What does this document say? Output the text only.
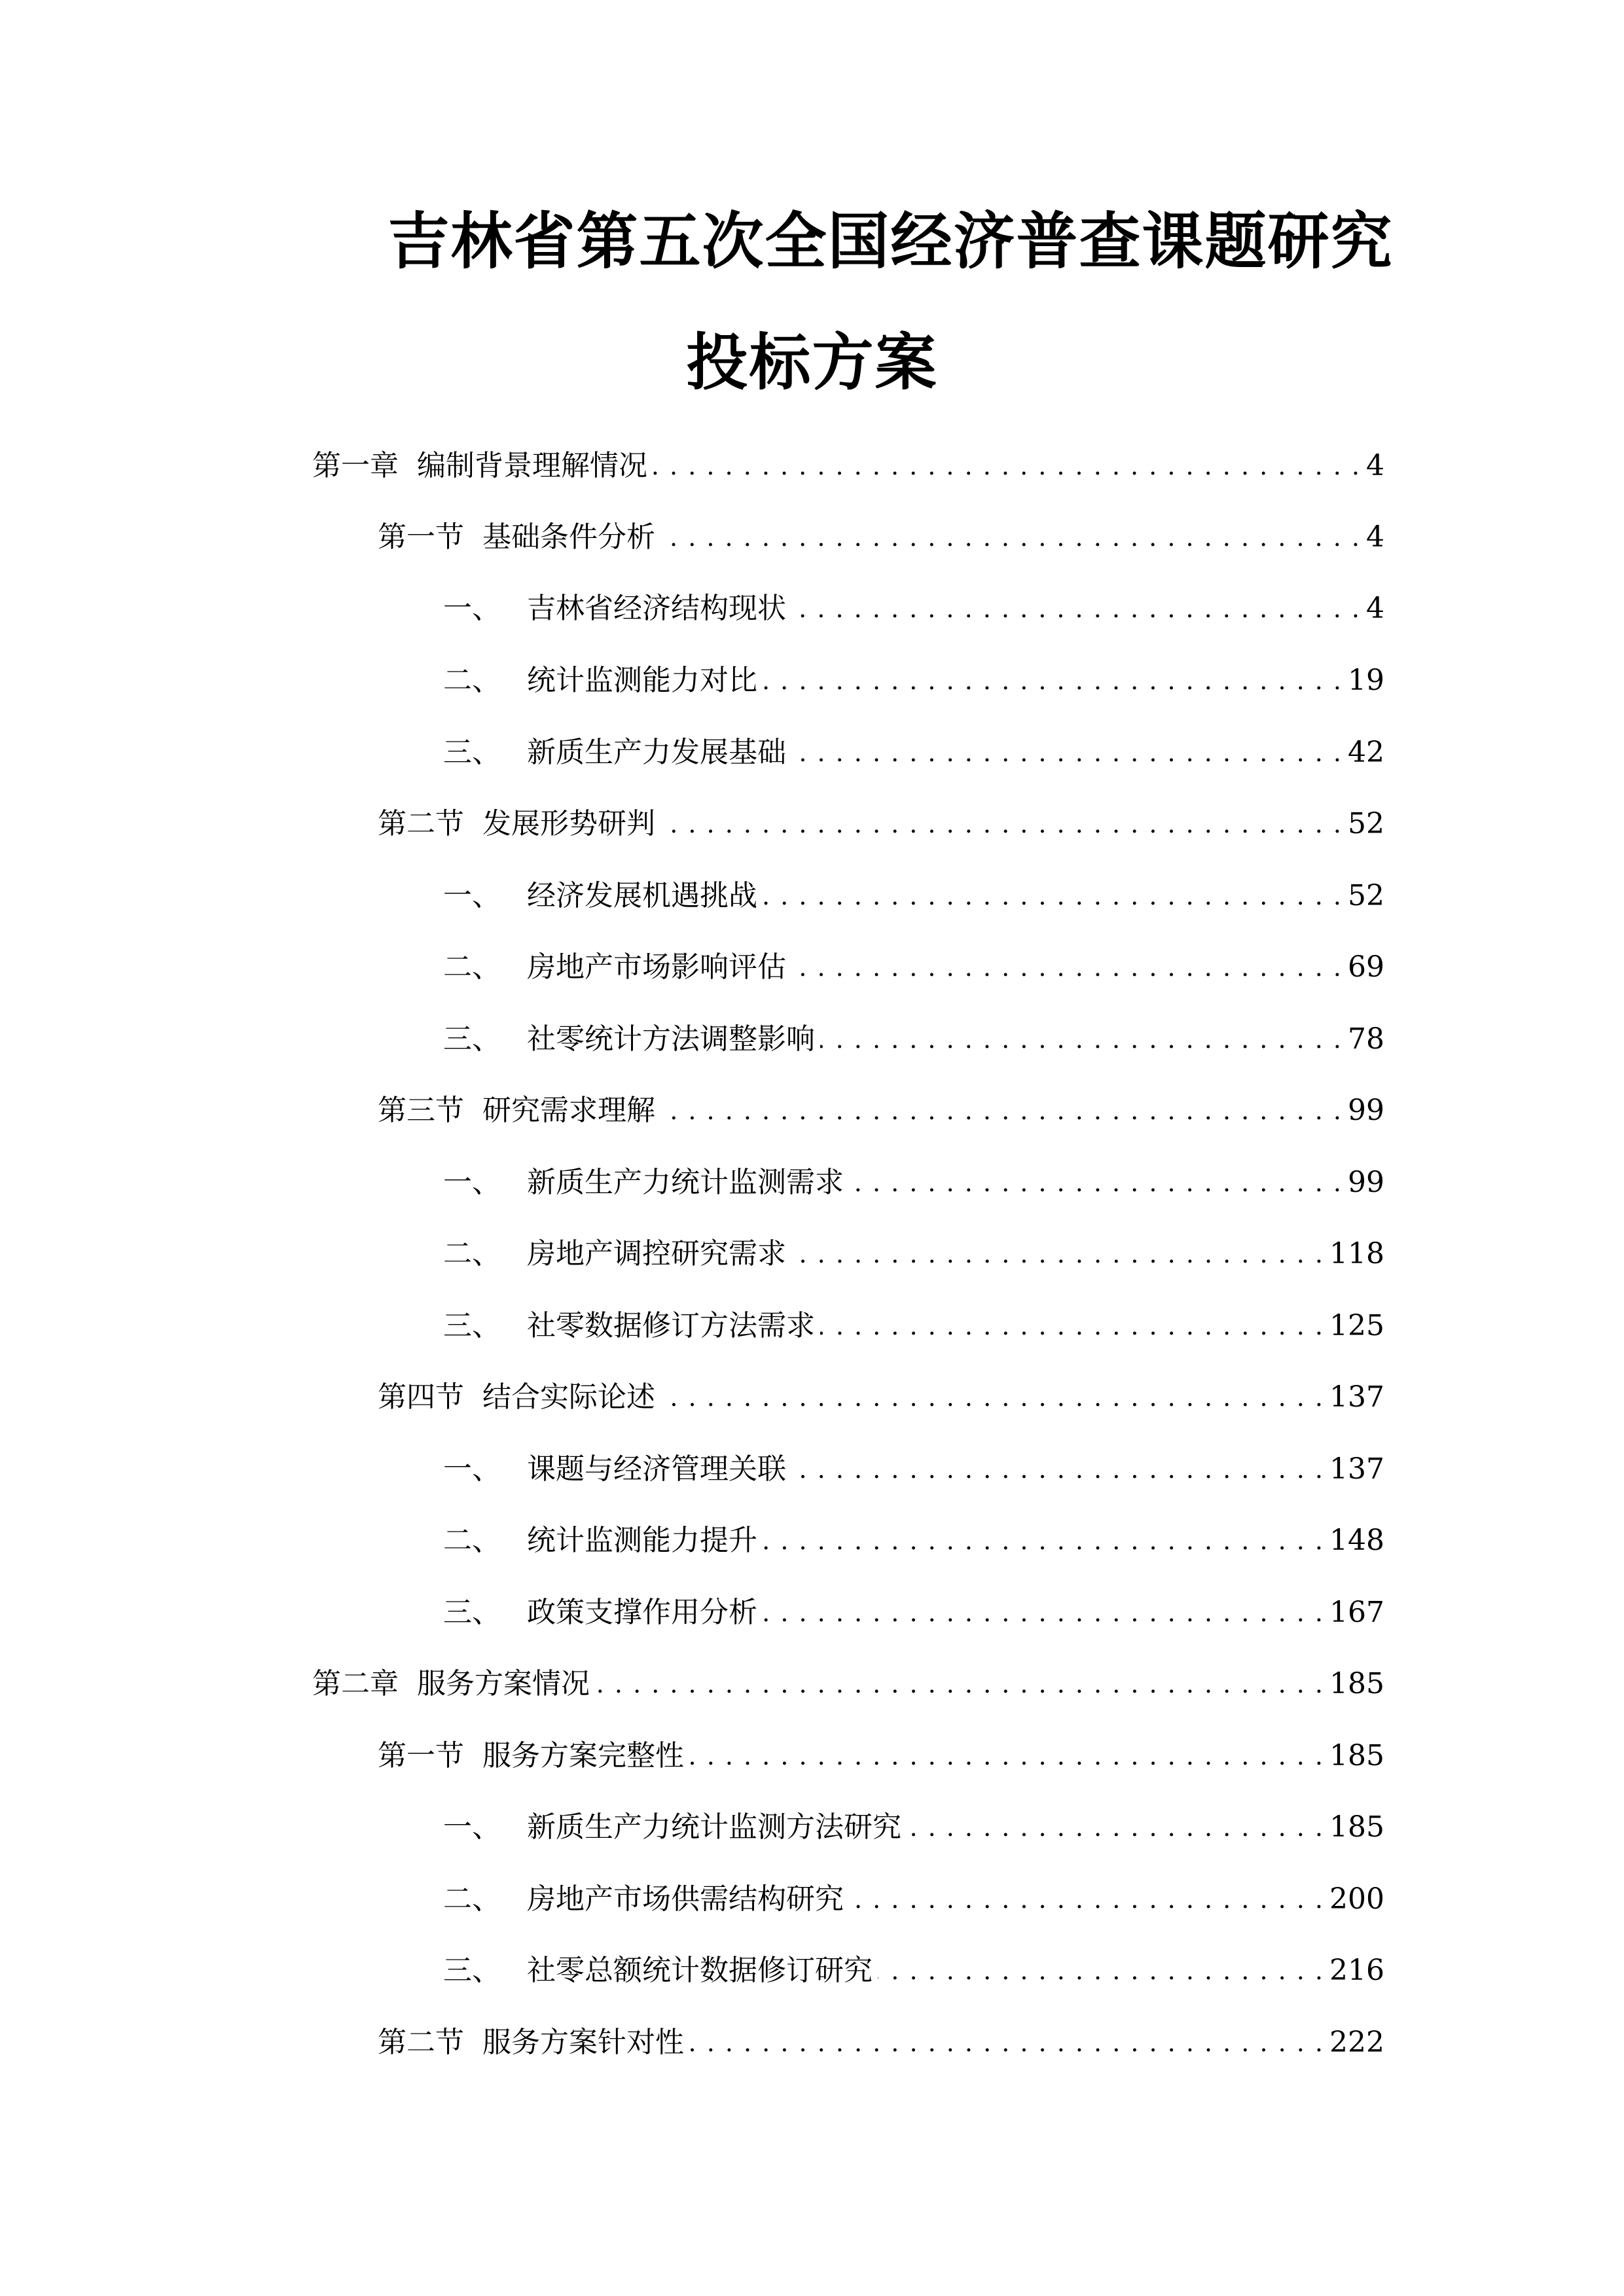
吉林省第五次全国经济普查课题研究
投标方案
第一章 编制背景理解情况 . . .	4
第一节 基础条件分析 . . .	4
一、 吉林省经济结构现状 . . .	4
二、 统计监测能力对比 . . .	19
三、 新质生产力发展基础 . . .	42
第二节 发展形势研判 . . .	52
一、 经济发展机遇挑战 . . .	52
二、 房地产市场影响评估 . . .	69
三、 社零统计方法调整影响 . . .	78
第三节 研究需求理解 . . .	99
一、 新质生产力统计监测需求 . . .	99
二、 房地产调控研究需求 . . .	118
三、 社零数据修订方法需求 . . .	125
第四节 结合实际论述 . . .	137
一、 课题与经济管理关联 . . .	137
二、 统计监测能力提升 . . .	148
三、 政策支撑作用分析 . . .	167
第二章 服务方案情况 . . .	185
第一节 服务方案完整性 . . .	185
一、 新质生产力统计监测方法研究 . . .	185
二、 房地产市场供需结构研究 . . .	200
三、 社零总额统计数据修订研究 . . .	216
第二节 服务方案针对性 . . .	222
